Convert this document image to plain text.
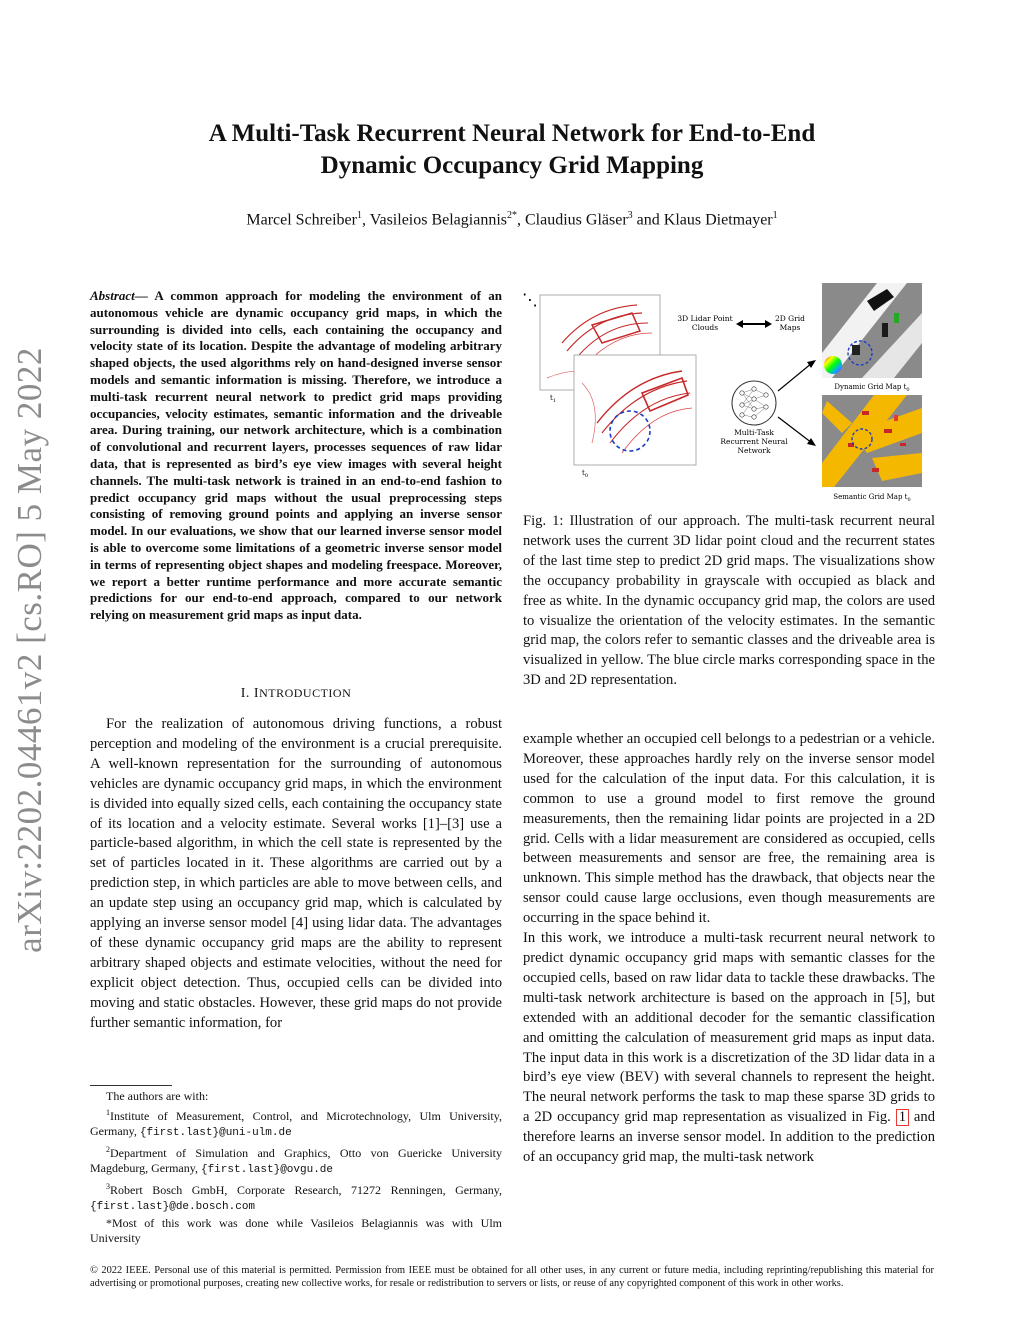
arXiv:2202.04461v2 [cs.RO] 5 May 2022
A Multi-Task Recurrent Neural Network for End-to-End
Dynamic Occupancy Grid Mapping
Marcel Schreiber$^1$, Vasileios Belagiannis$^{2*}$, Claudius Gläser$^3$ and Klaus Dietmayer$^1$
Abstract— A common approach for modeling the environment of an autonomous vehicle are dynamic occupancy grid maps, in which the surrounding is divided into cells, each containing the occupancy and velocity state of its location. Despite the advantage of modeling arbitrary shaped objects, the used algorithms rely on hand-designed inverse sensor models and semantic information is missing. Therefore, we introduce a multi-task recurrent neural network to predict grid maps providing occupancies, velocity estimates, semantic information and the driveable area. During training, our network architecture, which is a combination of convolutional and recurrent layers, processes sequences of raw lidar data, that is represented as bird’s eye view images with several height channels. The multi-task network is trained in an end-to-end fashion to predict occupancy grid maps without the usual preprocessing steps consisting of removing ground points and applying an inverse sensor model. In our evaluations, we show that our learned inverse sensor model is able to overcome some limitations of a geometric inverse sensor model in terms of representing object shapes and modeling freespace. Moreover, we report a better runtime performance and more accurate semantic predictions for our end-to-end approach, compared to our network relying on measurement grid maps as input data.
I. INTRODUCTION

For the realization of autonomous driving functions, a robust perception and modeling of the environment is a crucial prerequisite. A well-known representation for the surrounding of autonomous vehicles are dynamic occupancy grid maps, in which the environment is divided into equally sized cells, each containing the occupancy state of its location and a velocity estimate. Several works [1]–[3] use a particle-based algorithm, in which the cell state is represented by the set of particles located in it. These algorithms are carried out by a prediction step, in which particles are able to move between cells, and an update step using an occupancy grid map, which is calculated by applying an inverse sensor model [4] using lidar data. The advantages of these dynamic occupancy grid maps are the ability to represent arbitrary shaped objects and estimate velocities, without the need for explicit object detection. Thus, occupied cells can be divided into moving and static obstacles. However, these grid maps do not provide further semantic information, for

The authors are with:
$^1$Institute of Measurement, Control, and Microtechnology, Ulm University, Germany, {first.last}@uni-ulm.de
$^2$Department of Simulation and Graphics, Otto von Guericke University Magdeburg, Germany, {first.last}@ovgu.de
$^3$Robert Bosch GmbH, Corporate Research, 71272 Renningen, Germany, {first.last}@de.bosch.com
*Most of this work was done while Vasileios Belagiannis was with Ulm University
⋱
$t_1$
$t_0$
3D Lidar Point
Clouds
2D Grid
Maps
Multi-Task
Recurrent Neural
Network
Dynamic Grid Map $t_0$
Semantic Grid Map $t_0$
Fig. 1: Illustration of our approach. The multi-task recurrent neural network uses the current 3D lidar point cloud and the recurrent states of the last time step to predict 2D grid maps. The visualizations show the occupancy probability in grayscale with occupied as black and free as white. In the dynamic occupancy grid map, the colors are used to visualize the orientation of the velocity estimates. In the semantic grid map, the colors refer to semantic classes and the driveable area is visualized in yellow. The blue circle marks corresponding space in the 3D and 2D representation.

example whether an occupied cell belongs to a pedestrian or a vehicle. Moreover, these approaches hardly rely on the inverse sensor model used for the calculation of the input data. For this calculation, it is common to use a ground model to first remove the ground measurements, then the remaining lidar points are projected in a 2D grid. Cells with a lidar measurement are considered as occupied, cells between measurements and sensor are free, the remaining area is unknown. This simple method has the drawback, that objects near the sensor could cause large occlusions, even though measurements are occurring in the space behind it.

In this work, we introduce a multi-task recurrent neural network to predict dynamic occupancy grid maps with semantic classes for the occupied cells, based on raw lidar data to tackle these drawbacks. The multi-task network architecture is based on the approach in [5], but extended with an additional decoder for the semantic classification and omitting the calculation of measurement grid maps as input data. The input data in this work is a discretization of the 3D lidar data in a bird’s eye view (BEV) with several channels to represent the height. The neural network performs the task to map these sparse 3D grids to a 2D occupancy grid map representation as visualized in Fig. 1 and therefore learns an inverse sensor model. In addition to the prediction of an occupancy grid map, the multi-task network

© 2022 IEEE. Personal use of this material is permitted. Permission from IEEE must be obtained for all other uses, in any current or future media, including reprinting/republishing this material for advertising or promotional purposes, creating new collective works, for resale or redistribution to servers or lists, or reuse of any copyrighted component of this work in other works.
